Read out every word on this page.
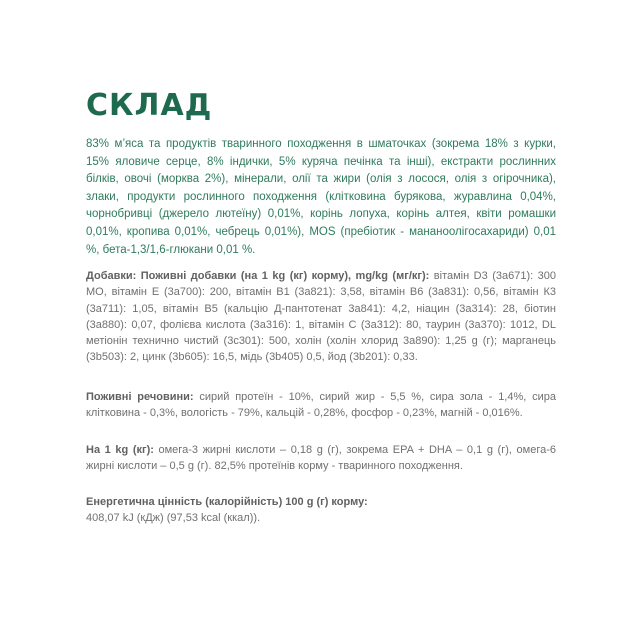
СКЛАД

83% м’яса та продуктів тваринного походження в шматочках (зокрема 18% з курки, 15% яловиче серце, 8% індички, 5% куряча печінка та інші), екстракти рослинних білків, овочі (морква 2%), мінерали, олії та жири (олія з лосося, олія з огірочника), злаки, продукти рослинного походження (клітковина бурякова, журавлина 0,04%, чорнобривці (джерело лютеїну) 0,01%, корінь лопуха, корінь алтея, квіти ромашки 0,01%, кропива 0,01%, чебрець 0,01%), MOS (пребіотик - мананоолігосахариди) 0,01 %, бета-1,3/1,6-глюкани 0,01 %.

Добавки: Поживні добавки (на 1 kg (кг) корму), mg/kg (мг/кг): вітамін D3 (3а671): 300 МО, вітамін Е (3а700): 200, вітамін B1 (3а821): 3,58, вітамін B6 (3а831): 0,56, вітамін К3 (3а711): 1,05, вітамін B5 (кальцію Д-пантотенат 3а841): 4,2, ніацин (3а314): 28, біотин (3а880): 0,07, фолієва кислота (3а316): 1, вітамін С (3а312): 80, таурин (3а370): 1012, DL метіонін технично чистий (3c301): 500, холін (холін хлорид 3а890): 1,25 g (г); марганець (3b503): 2, цинк (3b605): 16,5, мідь (3b405) 0,5, йод (3b201): 0,33.

Поживні речовини: сирий протеїн - 10%, сирий жир - 5,5 %, сира зола - 1,4%, сира клітковина - 0,3%, вологість - 79%, кальцій - 0,28%, фосфор - 0,23%, магній - 0,016%.

На 1 kg (кг): омега-3 жирні кислоти – 0,18 g (г), зокрема EPA + DHA – 0,1 g (г), омега-6 жирні кислоти – 0,5 g (г). 82,5% протеїнів корму - тваринного походження.

Енергетична цінність (калорійність) 100 g (г) корму:
408,07 kJ (кДж) (97,53 kcal (ккал)).
